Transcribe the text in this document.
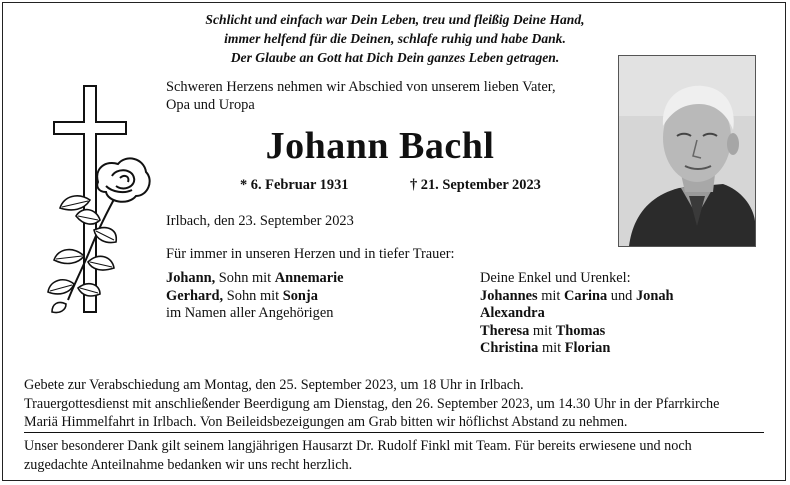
Schlicht und einfach war Dein Leben, treu und fleißig Deine Hand,
immer helfend für die Deinen, schlafe ruhig und habe Dank.
Der Glaube an Gott hat Dich Dein ganzes Leben getragen.
Schweren Herzens nehmen wir Abschied von unserem lieben Vater,
Opa und Uropa
Johann Bachl
* 6. Februar 1931	† 21. September 2023
Irlbach, den 23. September 2023
Für immer in unseren Herzen und in tiefer Trauer:
Johann, Sohn mit Annemarie
Gerhard, Sohn mit Sonja
im Namen aller Angehörigen
Deine Enkel und Urenkel:
Johannes mit Carina und Jonah
Alexandra
Theresa mit Thomas
Christina mit Florian
Gebete zur Verabschiedung am Montag, den 25. September 2023, um 18 Uhr in Irlbach.
Trauergottesdienst mit anschließender Beerdigung am Dienstag, den 26. September 2023, um 14.30 Uhr in der Pfarrkirche
Mariä Himmelfahrt in Irlbach. Von Beileidsbezeigungen am Grab bitten wir höflichst Abstand zu nehmen.
Unser besonderer Dank gilt seinem langjährigen Hausarzt Dr. Rudolf Finkl mit Team. Für bereits erwiesene und noch
zugedachte Anteilnahme bedanken wir uns recht herzlich.
